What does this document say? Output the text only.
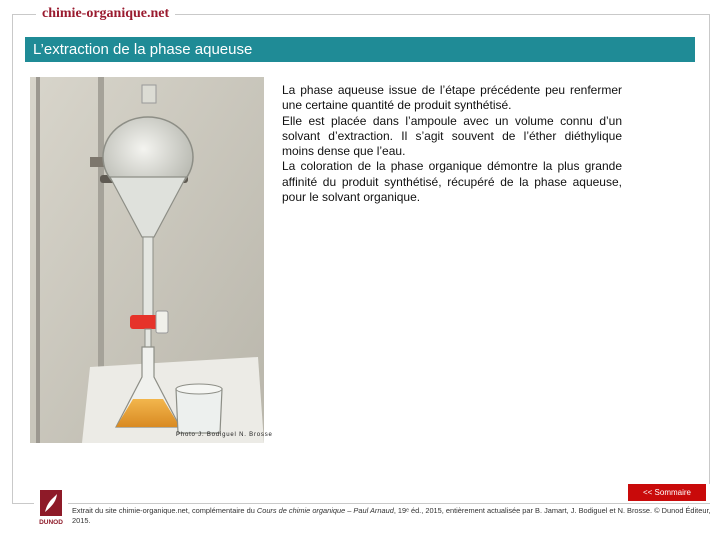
chimie-organique.net
L’extraction de la phase aqueuse
Photo J. Bodiguel N. Brosse

La phase aqueuse issue de l’étape précédente peu renfermer une certaine quantité de produit synthétisé.

Elle est placée dans l’ampoule avec un volume connu d’un solvant d’extraction. Il s’agit souvent de l’éther diéthylique moins dense que l’eau.

La coloration de la phase organique démontre la plus grande affinité du produit synthétisé, récupéré de la phase aqueuse, pour le solvant organique.

<< Sommaire
DUNOD
Extrait du site chimie-organique.net, complémentaire du Cours de chimie organique – Paul Arnaud, 19ᵉ éd., 2015, entièrement actualisée par B. Jamart, J. Bodiguel et N. Brosse. © Dunod Éditeur, 2015.
